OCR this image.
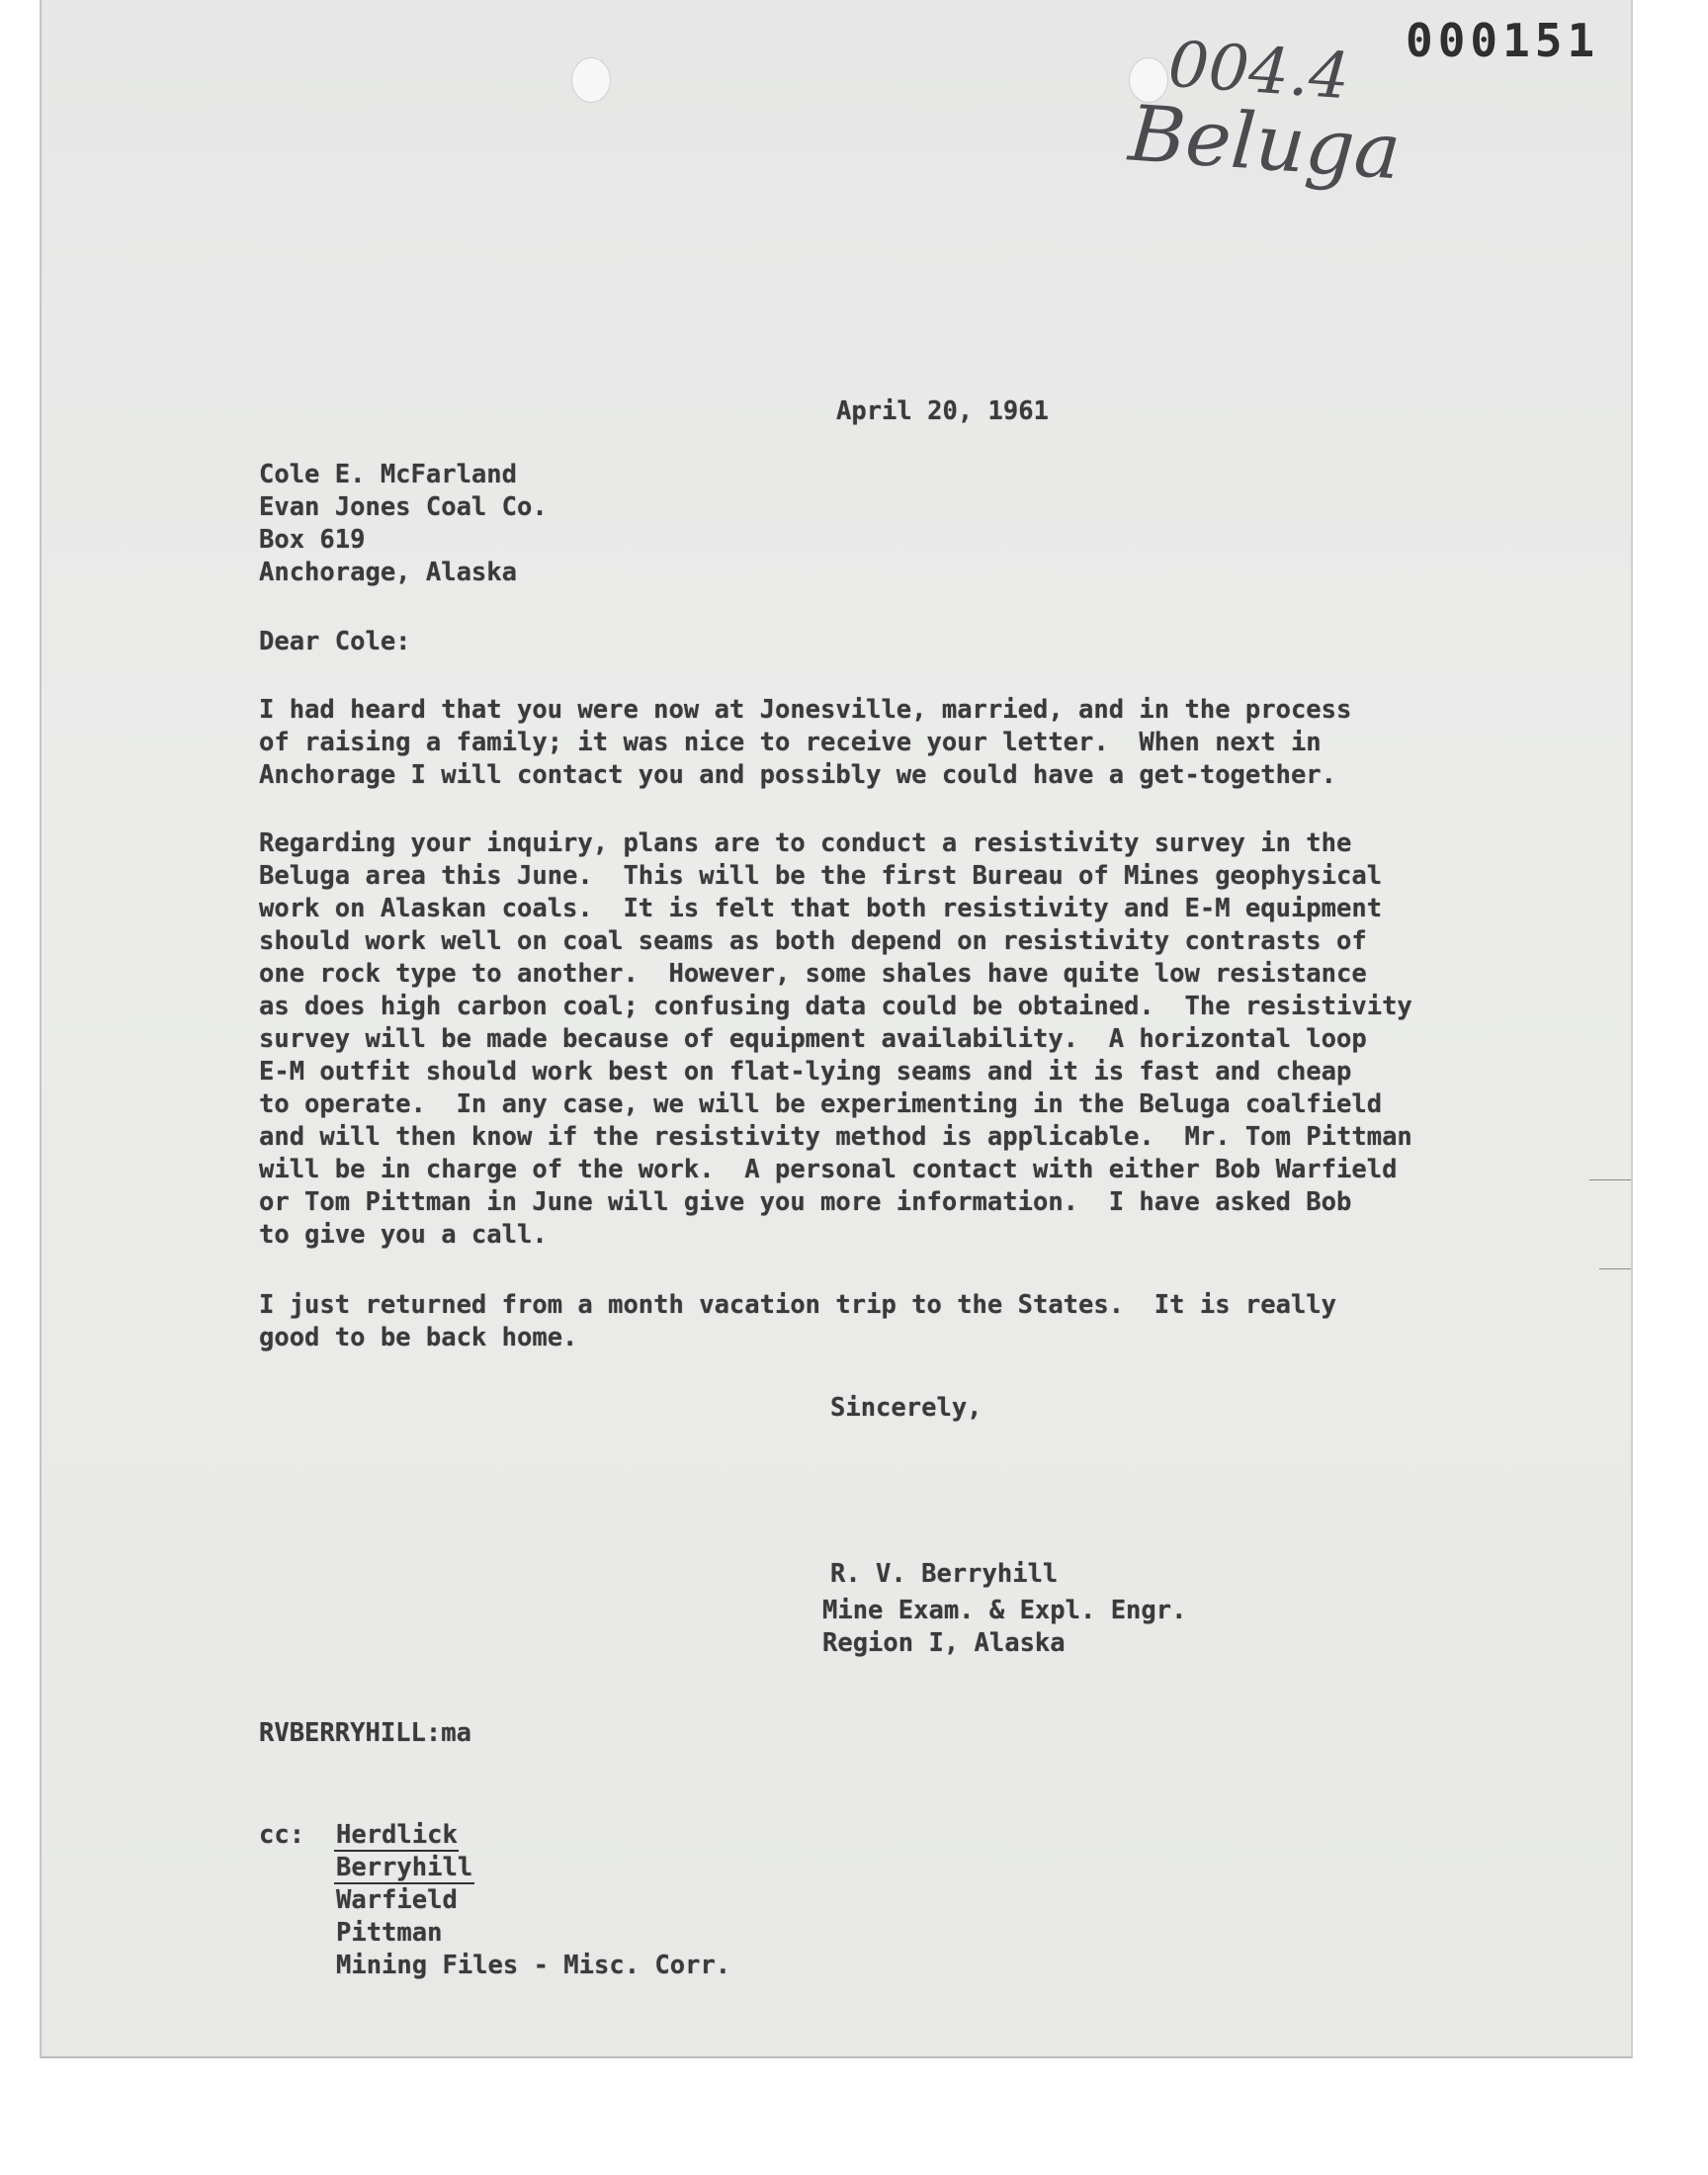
000151
004.4
Beluga
April 20, 1961
Cole E. McFarland
Evan Jones Coal Co.
Box 619
Anchorage, Alaska
Dear Cole:
I had heard that you were now at Jonesville, married, and in the process
of raising a family; it was nice to receive your letter.  When next in
Anchorage I will contact you and possibly we could have a get-together.
Regarding your inquiry, plans are to conduct a resistivity survey in the
Beluga area this June.  This will be the first Bureau of Mines geophysical
work on Alaskan coals.  It is felt that both resistivity and E-M equipment
should work well on coal seams as both depend on resistivity contrasts of
one rock type to another.  However, some shales have quite low resistance
as does high carbon coal; confusing data could be obtained.  The resistivity
survey will be made because of equipment availability.  A horizontal loop
E-M outfit should work best on flat-lying seams and it is fast and cheap
to operate.  In any case, we will be experimenting in the Beluga coalfield
and will then know if the resistivity method is applicable.  Mr. Tom Pittman
will be in charge of the work.  A personal contact with either Bob Warfield
or Tom Pittman in June will give you more information.  I have asked Bob
to give you a call.
I just returned from a month vacation trip to the States.  It is really
good to be back home.
Sincerely,
R. V. Berryhill
Mine Exam. & Expl. Engr.
Region I, Alaska
RVBERRYHILL:ma
cc: Herdlick
Berryhill
Warfield
Pittman
Mining Files - Misc. Corr.
